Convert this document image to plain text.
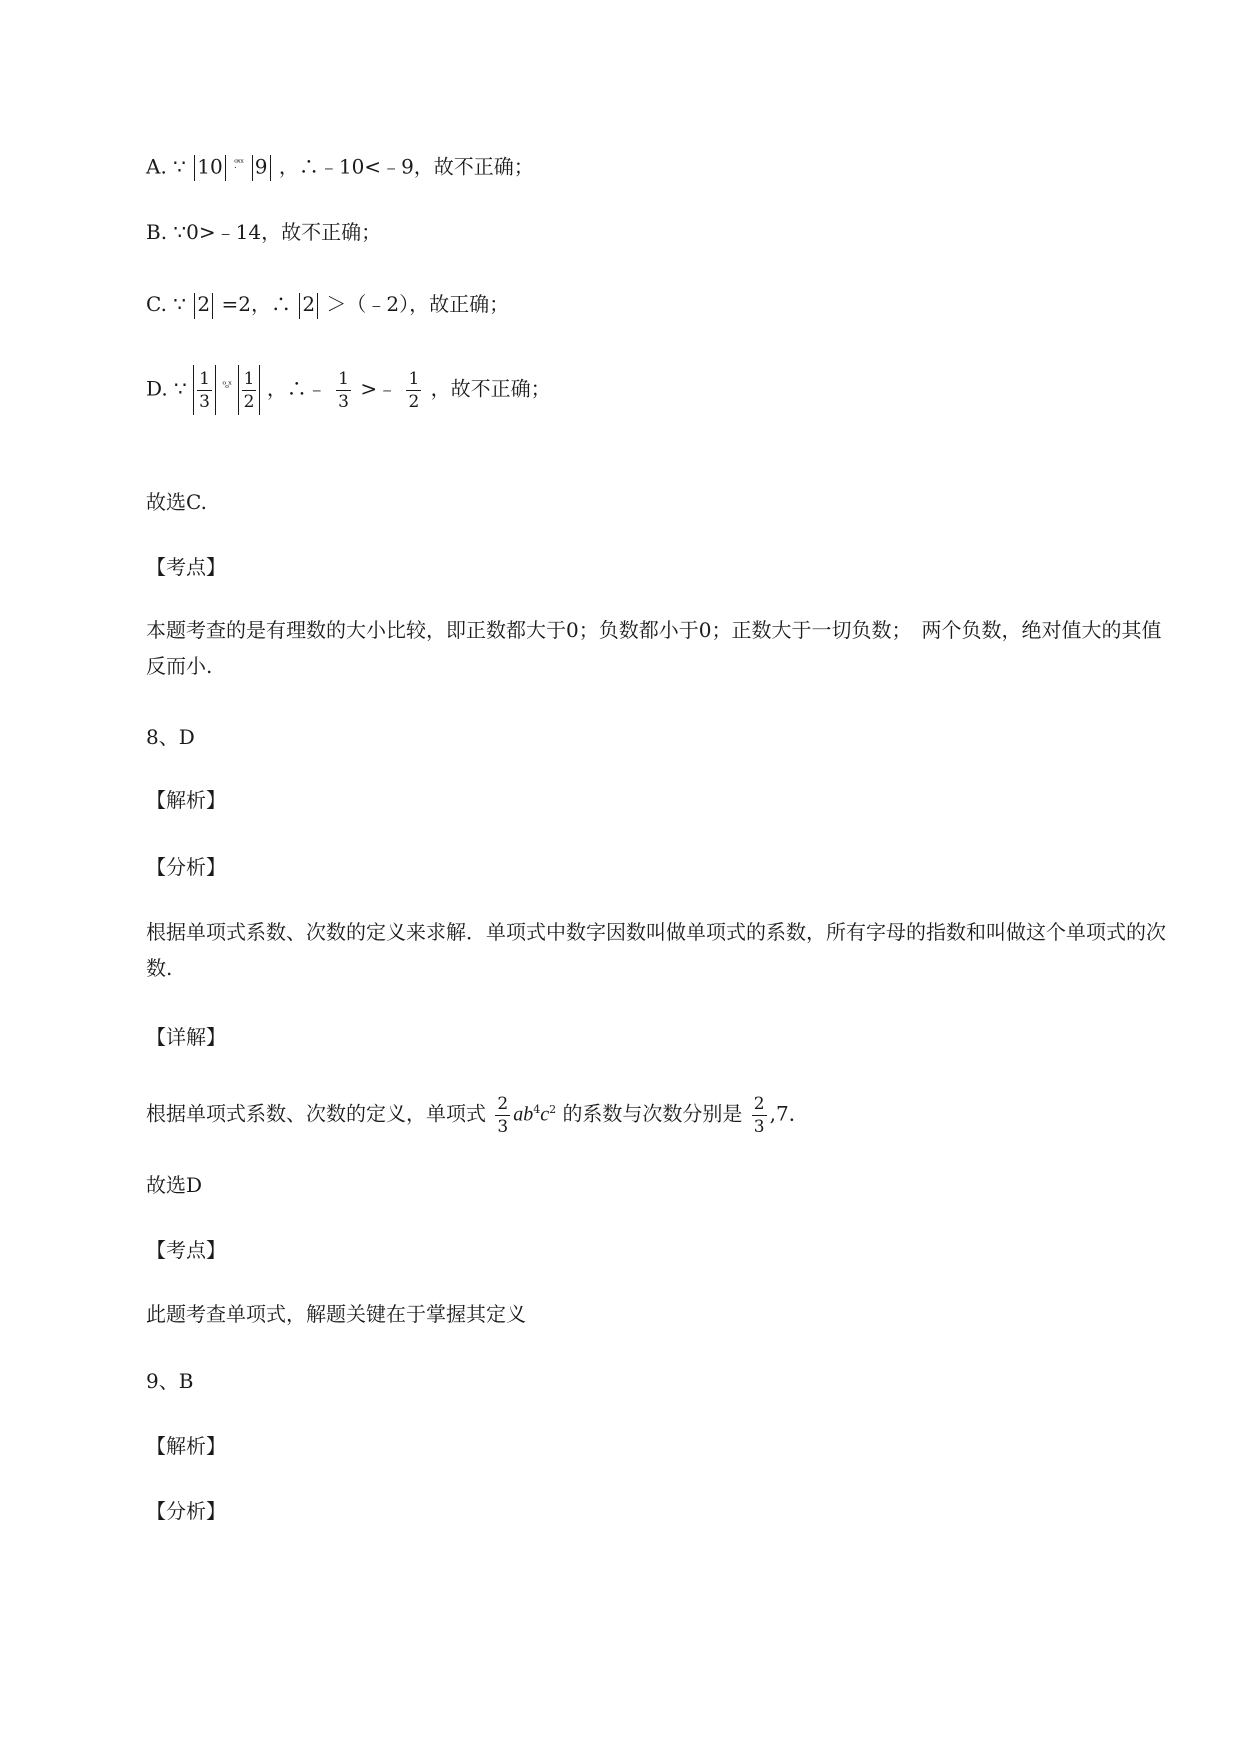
A. ∵ 10 $^{ᵒ̣ˣˣ}$ 9 ，∴﹣10<﹣9，故不正确；
B. ∵0>﹣14，故不正确；
C. ∵ 2 =2，∴ 2 ＞（﹣2），故正确；
D. ∵ $\frac{1}{3} ^{ᵒ_oˣ} \frac{1}{2}$ ，∴﹣ $\frac{1}{3}$ >﹣ $\frac{1}{2}$ ，故不正确；
故选C.
【考点】
本题考查的是有理数的大小比较，即正数都大于0；负数都小于0；正数大于一切负数；　两个负数，绝对值大的其值反而小.
8、D
【解析】
【分析】
根据单项式系数、次数的定义来求解．单项式中数字因数叫做单项式的系数，所有字母的指数和叫做这个单项式的次数.
【详解】
根据单项式系数、次数的定义，单项式 $\frac{2}{3} ab^4c^2$ 的系数与次数分别是 $\frac{2}{3} ,7$．
故选D
【考点】
此题考查单项式，解题关键在于掌握其定义
9、B
【解析】
【分析】
